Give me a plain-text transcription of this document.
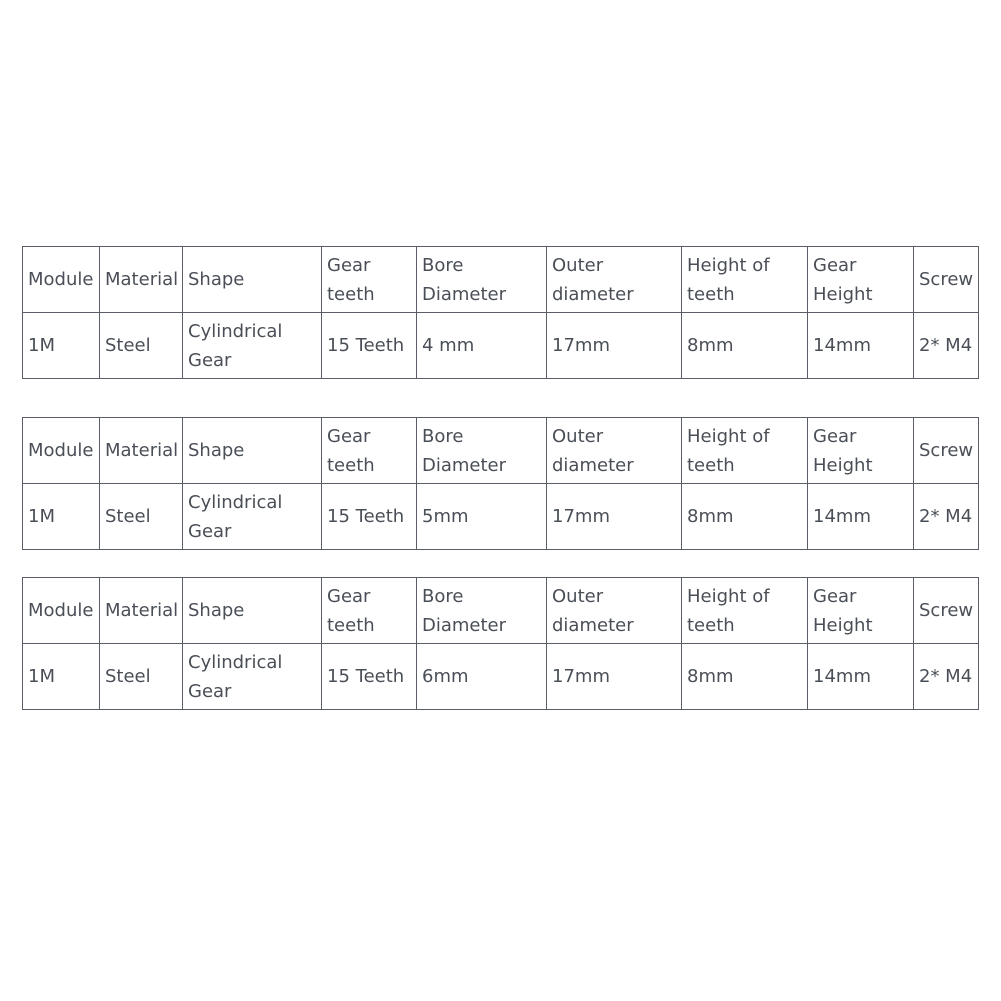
Module	Material	Shape	Gear teeth	Bore Diameter	Outer diameter	Height of teeth	Gear Height	Screw
1M	Steel	Cylindrical Gear	15 Teeth	4 mm	17mm	8mm	14mm	2* M4
Module	Material	Shape	Gear teeth	Bore Diameter	Outer diameter	Height of teeth	Gear Height	Screw
1M	Steel	Cylindrical Gear	15 Teeth	5mm	17mm	8mm	14mm	2* M4
Module	Material	Shape	Gear teeth	Bore Diameter	Outer diameter	Height of teeth	Gear Height	Screw
1M	Steel	Cylindrical Gear	15 Teeth	6mm	17mm	8mm	14mm	2* M4
